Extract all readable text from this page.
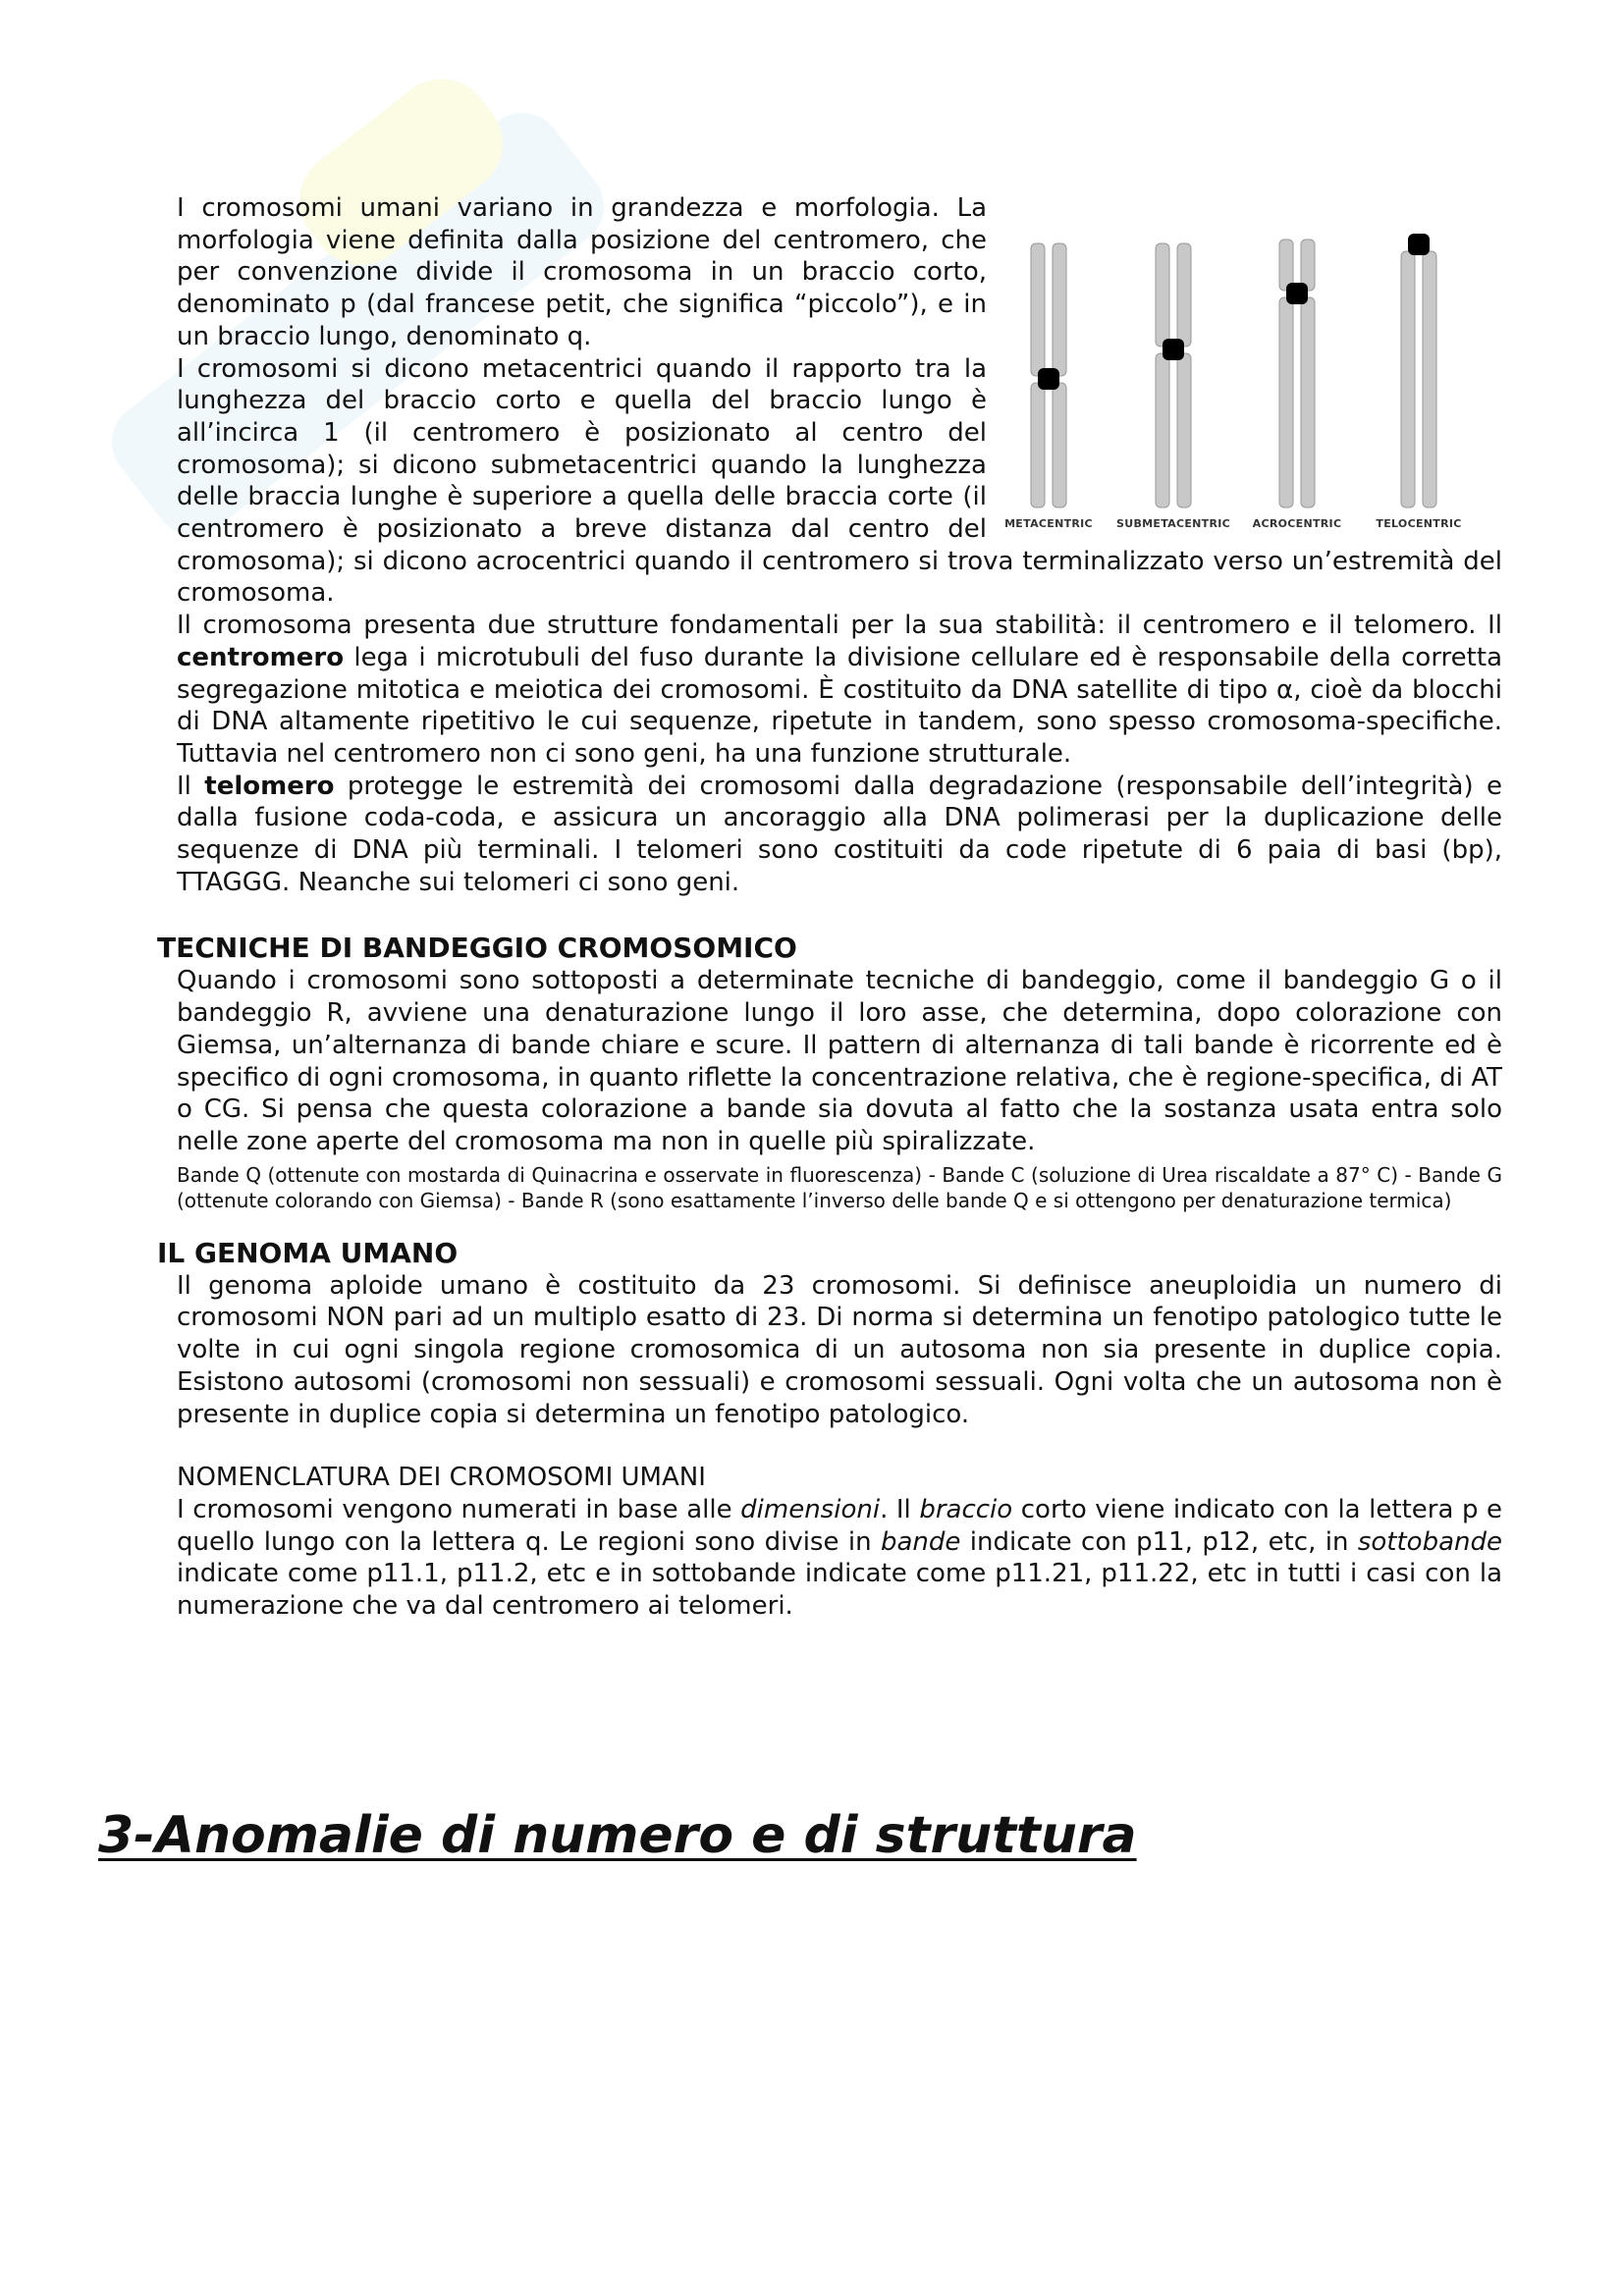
METACENTRIC	SUBMETACENTRIC	ACROCENTRIC	TELOCENTRIC

I cromosomi umani variano in grandezza e morfologia. La morfologia viene definita dalla posizione del centromero, che per convenzione divide il cromosoma in un braccio corto, denominato p (dal francese petit, che significa “piccolo”), e in un braccio lungo, denominato q.

I cromosomi si dicono metacentrici quando il rapporto tra la lunghezza del braccio corto e quella del braccio lungo è all’incirca 1 (il centromero è posizionato al centro del cromosoma); si dicono submetacentrici quando la lunghezza delle braccia lunghe è superiore a quella delle braccia corte (il centromero è posizionato a breve distanza dal centro del cromosoma); si dicono acrocentrici quando il centromero si trova terminalizzato verso un’estremità del cromosoma.

Il cromosoma presenta due strutture fondamentali per la sua stabilità: il centromero e il telomero. Il centromero lega i microtubuli del fuso durante la divisione cellulare ed è responsabile della corretta segregazione mitotica e meiotica dei cromosomi. È costituito da DNA satellite di tipo α, cioè da blocchi di DNA altamente ripetitivo le cui sequenze, ripetute in tandem, sono spesso cromosoma-specifiche. Tuttavia nel centromero non ci sono geni, ha una funzione strutturale.

Il telomero protegge le estremità dei cromosomi dalla degradazione (responsabile dell’integrità) e dalla fusione coda-coda, e assicura un ancoraggio alla DNA polimerasi per la duplicazione delle sequenze di DNA più terminali. I telomeri sono costituiti da code ripetute di 6 paia di basi (bp), TTAGGG. Neanche sui telomeri ci sono geni.

TECNICHE DI BANDEGGIO CROMOSOMICO

Quando i cromosomi sono sottoposti a determinate tecniche di bandeggio, come il bandeggio G o il bandeggio R, avviene una denaturazione lungo il loro asse, che determina, dopo colorazione con Giemsa, un’alternanza di bande chiare e scure. Il pattern di alternanza di tali bande è ricorrente ed è specifico di ogni cromosoma, in quanto riflette la concentrazione relativa, che è regione-specifica, di AT o CG. Si pensa che questa colorazione a bande sia dovuta al fatto che la sostanza usata entra solo nelle zone aperte del cromosoma ma non in quelle più spiralizzate.

Bande Q (ottenute con mostarda di Quinacrina e osservate in fluorescenza) - Bande C (soluzione di Urea riscaldate a 87° C) - Bande G (ottenute colorando con Giemsa) - Bande R (sono esattamente l’inverso delle bande Q e si ottengono per denaturazione termica)

IL GENOMA UMANO

Il genoma aploide umano è costituito da 23 cromosomi. Si definisce aneuploidia un numero di cromosomi NON pari ad un multiplo esatto di 23. Di norma si determina un fenotipo patologico tutte le volte in cui ogni singola regione cromosomica di un autosoma non sia presente in duplice copia. Esistono autosomi (cromosomi non sessuali) e cromosomi sessuali. Ogni volta che un autosoma non è presente in duplice copia si determina un fenotipo patologico.

NOMENCLATURA DEI CROMOSOMI UMANI

I cromosomi vengono numerati in base alle dimensioni. Il braccio corto viene indicato con la lettera p e quello lungo con la lettera q. Le regioni sono divise in bande indicate con p11, p12, etc, in sottobande indicate come p11.1, p11.2, etc e in sottobande indicate come p11.21, p11.22, etc in tutti i casi con la numerazione che va dal centromero ai telomeri.

3-Anomalie di numero e di struttura
